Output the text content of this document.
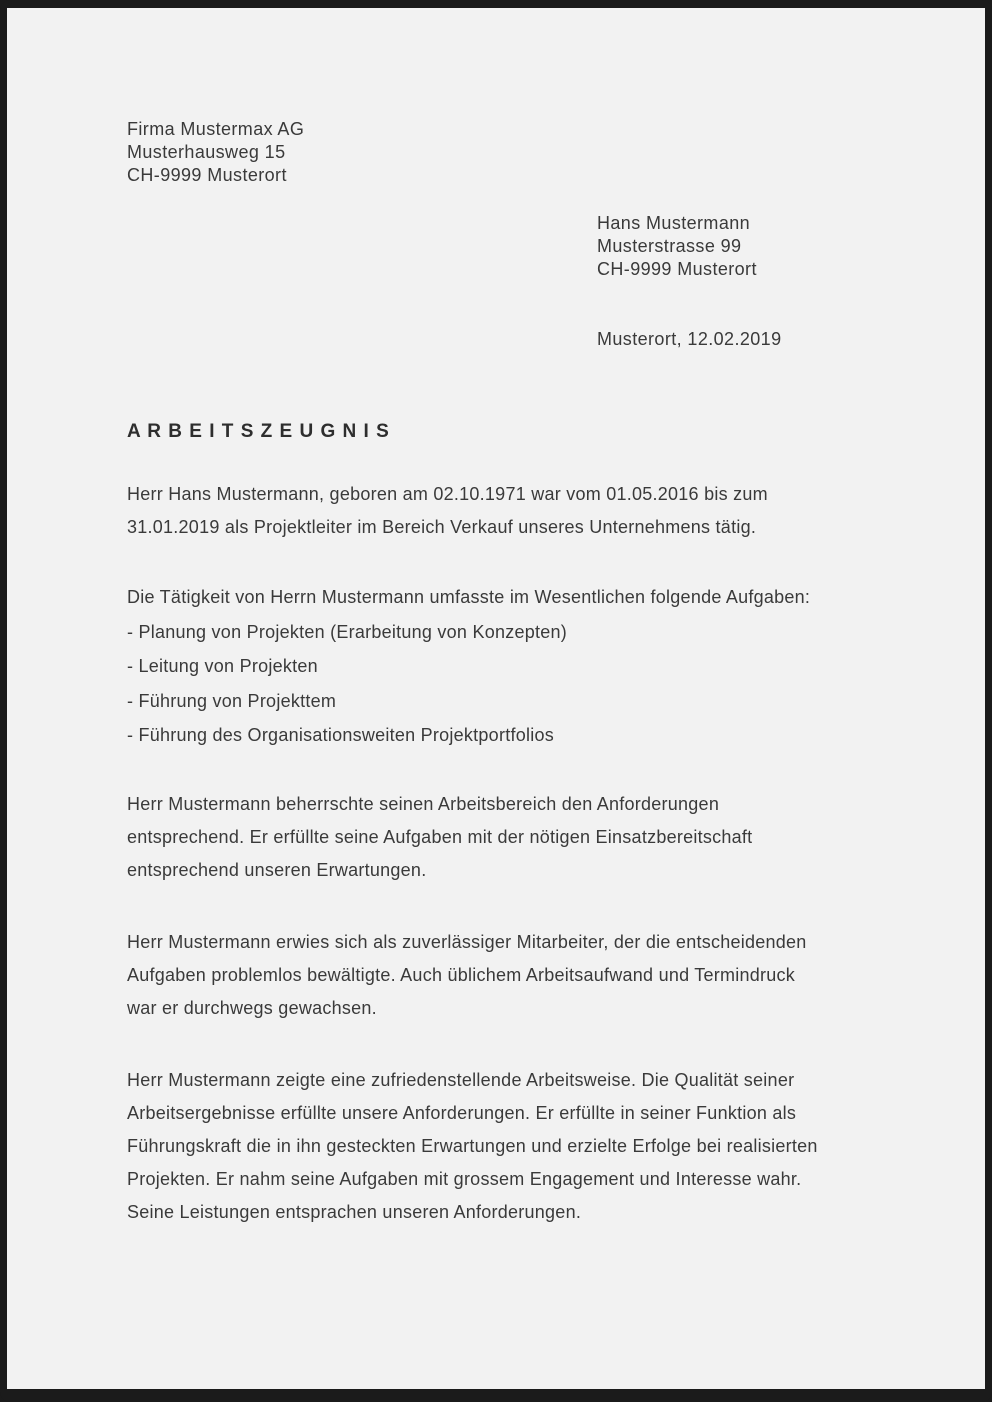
Firma Mustermax AG
Musterhausweg 15
CH-9999 Musterort
Hans Mustermann
Musterstrasse 99
CH-9999 Musterort
Musterort, 12.02.2019
A R B E I T S Z E U G N I S
Herr Hans Mustermann, geboren am 02.10.1971 war vom 01.05.2016 bis zum
31.01.2019 als Projektleiter im Bereich Verkauf unseres Unternehmens tätig.
Die Tätigkeit von Herrn Mustermann umfasste im Wesentlichen folgende Aufgaben:
- Planung von Projekten (Erarbeitung von Konzepten)
- Leitung von Projekten
- Führung von Projekttem
- Führung des Organisationsweiten Projektportfolios
Herr Mustermann beherrschte seinen Arbeitsbereich den Anforderungen
entsprechend. Er erfüllte seine Aufgaben mit der nötigen Einsatzbereitschaft
entsprechend unseren Erwartungen.
Herr Mustermann erwies sich als zuverlässiger Mitarbeiter, der die entscheidenden
Aufgaben problemlos bewältigte. Auch üblichem Arbeitsaufwand und Termindruck
war er durchwegs gewachsen.
Herr Mustermann zeigte eine zufriedenstellende Arbeitsweise. Die Qualität seiner
Arbeitsergebnisse erfüllte unsere Anforderungen. Er erfüllte in seiner Funktion als
Führungskraft die in ihn gesteckten Erwartungen und erzielte Erfolge bei realisierten
Projekten. Er nahm seine Aufgaben mit grossem Engagement und Interesse wahr.
Seine Leistungen entsprachen unseren Anforderungen.
